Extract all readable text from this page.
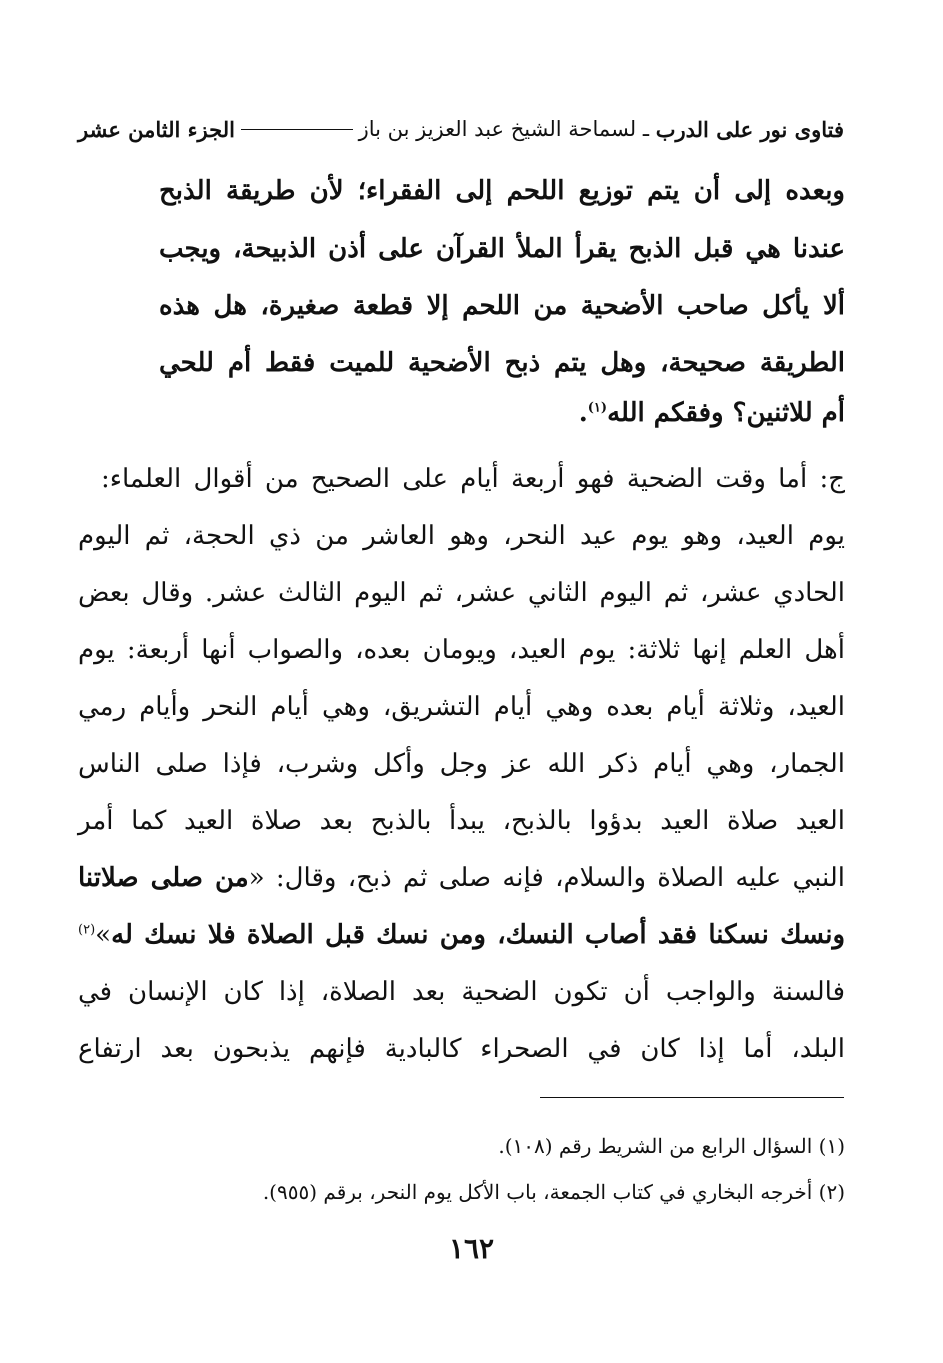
فتاوى نور على الدرب
ـ
لسماحة الشيخ عبد العزيز بن باز
الجزء الثامن عشر
وبعده إلى أن يتم توزيع اللحم إلى الفقراء؛ لأن طريقة الذبح
عندنا هي قبل الذبح يقرأ الملأ القرآن على أذن الذبيحة، ويجب
ألا يأكل صاحب الأضحية من اللحم إلا قطعة صغيرة، هل هذه
الطريقة صحيحة، وهل يتم ذبح الأضحية للميت فقط أم للحي
أم للاثنين؟ وفقكم الله$^{(١)}$.
ج: أما وقت الضحية فهو أربعة أيام على الصحيح من أقوال العلماء:
يوم العيد، وهو يوم عيد النحر، وهو العاشر من ذي الحجة، ثم اليوم
الحادي عشر، ثم اليوم الثاني عشر، ثم اليوم الثالث عشر. وقال بعض
أهل العلم إنها ثلاثة: يوم العيد، ويومان بعده، والصواب أنها أربعة: يوم
العيد، وثلاثة أيام بعده وهي أيام التشريق، وهي أيام النحر وأيام رمي
الجمار، وهي أيام ذكر الله عز وجل وأكل وشرب، فإذا صلى الناس
العيد صلاة العيد بدؤوا بالذبح، يبدأ بالذبح بعد صلاة العيد كما أمر
النبي عليه الصلاة والسلام، فإنه صلى ثم ذبح، وقال: «من صلى صلاتنا
ونسك نسكنا فقد أصاب النسك، ومن نسك قبل الصلاة فلا نسك له»$^{(٢)}$
فالسنة والواجب أن تكون الضحية بعد الصلاة، إذا كان الإنسان في
البلد، أما إذا كان في الصحراء كالبادية فإنهم يذبحون بعد ارتفاع
(١) السؤال الرابع من الشريط رقم (١٠٨).
(٢) أخرجه البخاري في كتاب الجمعة، باب الأكل يوم النحر، برقم (٩٥٥).
١٦٢
